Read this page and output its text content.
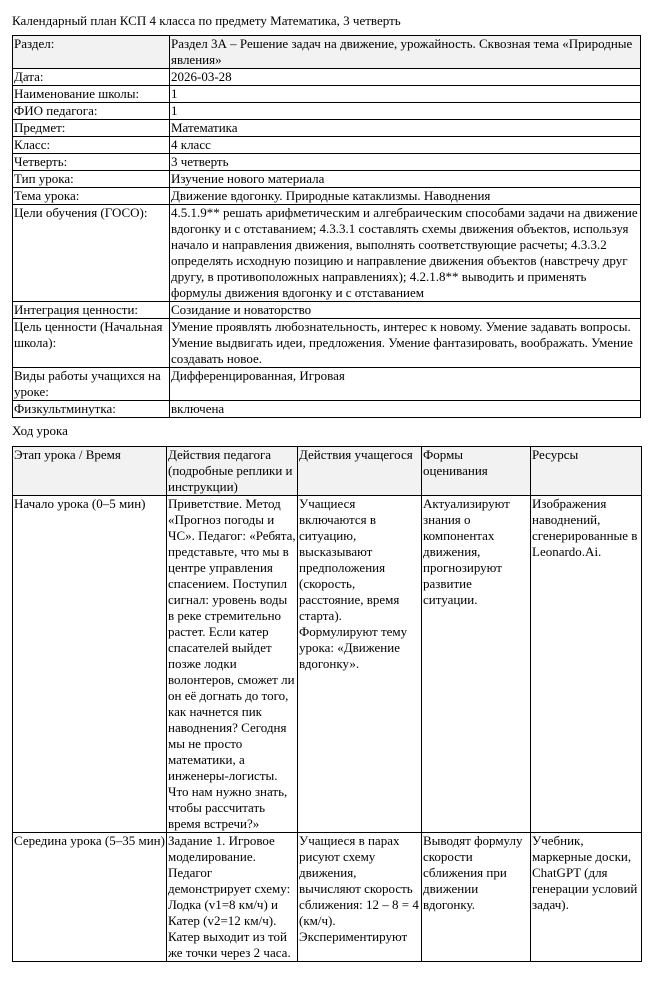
Календарный план КСП 4 класса по предмету Математика, 3 четверть
Раздел:	Раздел 3А – Решение задач на движение, урожайность. Сквозная тема «Природные явления»
Дата:	2026-03-28
Наименование школы:	1
ФИО педагога:	1
Предмет:	Математика
Класс:	4 класс
Четверть:	3 четверть
Тип урока:	Изучение нового материала
Тема урока:	Движение вдогонку. Природные катаклизмы. Наводнения
Цели обучения (ГОСО):	4.5.1.9** решать арифметическим и алгебраическим способами задачи на движение вдогонку и с отставанием; 4.3.3.1 составлять схемы движения объектов, используя начало и направления движения, выполнять соответствующие расчеты; 4.3.3.2 определять исходную позицию и направление движения объектов (навстречу друг другу, в противоположных направлениях); 4.2.1.8** выводить и применять формулы движения вдогонку и с отставанием
Интеграция ценности:	Созидание и новаторство
Цель ценности (Начальная школа):	Умение проявлять любознательность, интерес к новому. Умение задавать вопросы. Умение выдвигать идеи, предложения. Умение фантазировать, воображать. Умение создавать новое.
Виды работы учащихся на уроке:	Дифференцированная, Игровая
Физкультминутка:	включена
Ход урока
Этап урока / Время	Действия педагога (подробные реплики и инструкции)	Действия учащегося	Формы оценивания	Ресурсы
Начало урока (0–5 мин)	Приветствие. Метод «Прогноз погоды и ЧС». Педагог: «Ребята, представьте, что мы в центре управления спасением. Поступил сигнал: уровень воды в реке стремительно растет. Если катер спасателей выйдет позже лодки волонтеров, сможет ли он её догнать до того, как начнется пик наводнения? Сегодня мы не просто математики, а инженеры-логисты. Что нам нужно знать, чтобы рассчитать время встречи?»	Учащиеся включаются в ситуацию, высказывают предположения (скорость, расстояние, время старта). Формулируют тему урока: «Движение вдогонку».	Актуализируют знания о компонентах движения, прогнозируют развитие ситуации.	Изображения наводнений, сгенерированные в Leonardo.Ai.
Середина урока (5–35 мин)	Задание 1. Игровое моделирование. Педагог демонстрирует схему: Лодка (v1=8 км/ч) и Катер (v2=12 км/ч). Катер выходит из той же точки через 2 часа.	Учащиеся в парах рисуют схему движения, вычисляют скорость сближения: 12 – 8 = 4 (км/ч). Экспериментируют	Выводят формулу скорости сближения при движении вдогонку.	Учебник, маркерные доски, ChatGPT (для генерации условий задач).
